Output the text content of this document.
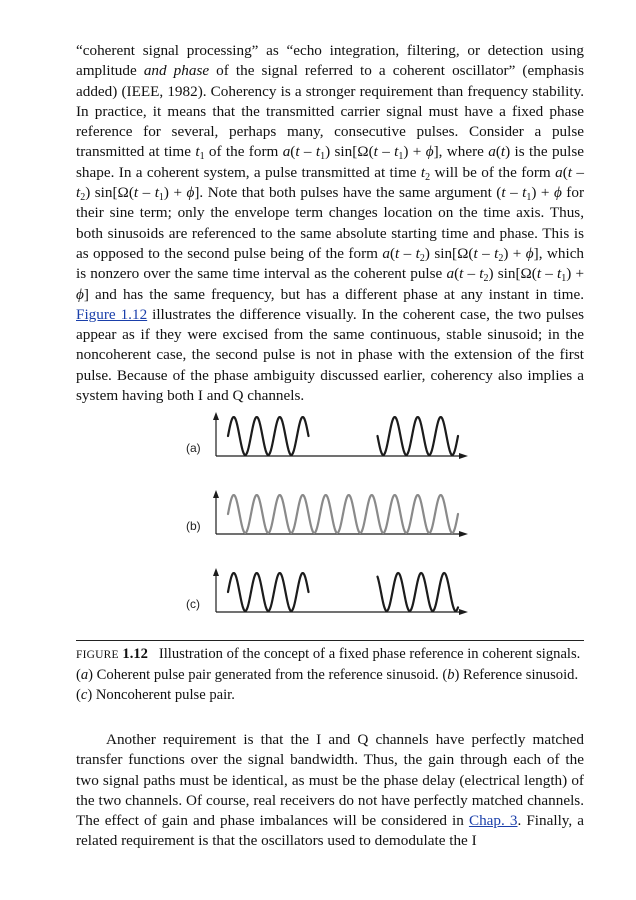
“coherent signal processing” as “echo integration, filtering, or detection using amplitude and phase of the signal referred to a coherent oscillator” (emphasis added) (IEEE, 1982). Coherency is a stronger requirement than frequency stability. In practice, it means that the transmitted carrier signal must have a fixed phase reference for several, perhaps many, consecutive pulses. Consider a pulse transmitted at time $t_1$ of the form $a(t - t_1)$ $\sin[\Omega(t - t_1) + \phi]$, where a(t) is the pulse shape. In a coherent system, a pulse transmitted at time $t_2$ will be of the form $a(t - t_2)$ $\sin[\Omega(t - t_1) + \phi]$. Note that both pulses have the same argument $(t - t_1) + \phi$ for their sine term; only the envelope term changes location on the time axis. Thus, both sinusoids are referenced to the same absolute starting time and phase. This is as opposed to the second pulse being of the form $a(t - t_2)$ $\sin[\Omega(t - t_2) + \phi]$, which is nonzero over the same time interval as the coherent pulse $a(t - t_2)$ $\sin[\Omega(t - t_1) + \phi]$ and has the same frequency, but has a different phase at any instant in time. Figure 1.12 illustrates the difference visually. In the coherent case, the two pulses appear as if they were excised from the same continuous, stable sinusoid; in the noncoherent case, the second pulse is not in phase with the extension of the first pulse. Because of the phase ambiguity discussed earlier, coherency also implies a system having both I and Q channels.

(a)
(b)
(c)

FIGURE 1.12 Illustration of the concept of a fixed phase reference in coherent signals. (a) Coherent pulse pair generated from the reference sinusoid. (b) Reference sinusoid. (c) Noncoherent pulse pair.

Another requirement is that the I and Q channels have perfectly matched transfer functions over the signal bandwidth. Thus, the gain through each of the two signal paths must be identical, as must be the phase delay (electrical length) of the two channels. Of course, real receivers do not have perfectly matched channels. The effect of gain and phase imbalances will be considered in Chap. 3. Finally, a related requirement is that the oscillators used to demodulate the I
